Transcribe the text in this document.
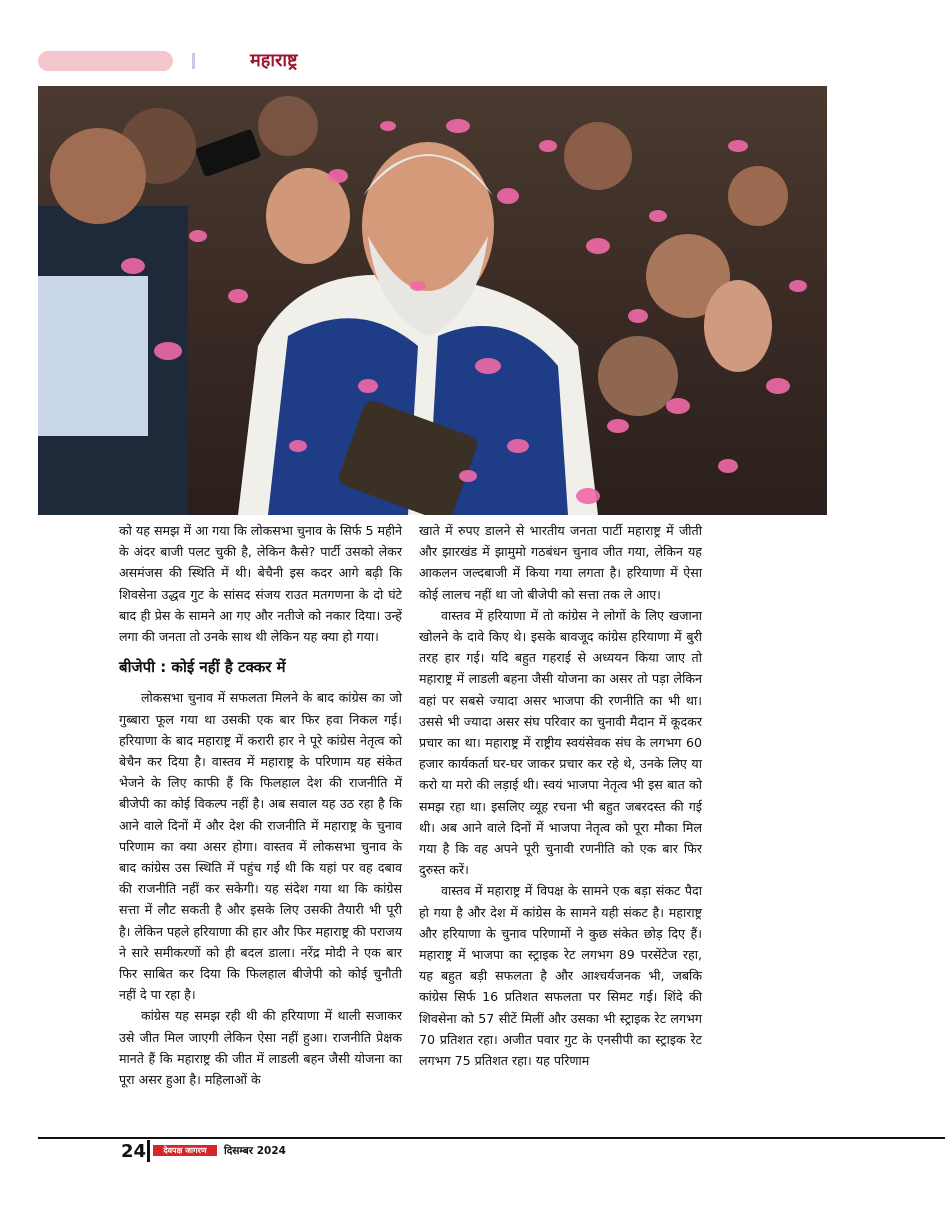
महाराष्ट्र

को यह समझ में आ गया कि लोकसभा चुनाव के सिर्फ 5 महीने के अंदर बाजी पलट चुकी है, लेकिन कैसे? पार्टी उसको लेकर असमंजस की स्थिति में थी। बेचैनी इस कदर आगे बढ़ी कि शिवसेना उद्धव गुट के सांसद संजय राउत मतगणना के दो घंटे बाद ही प्रेस के सामने आ गए और नतीजे को नकार दिया। उन्हें लगा की जनता तो उनके साथ थी लेकिन यह क्या हो गया।

बीजेपी : कोई नहीं है टक्कर में

लोकसभा चुनाव में सफलता मिलने के बाद कांग्रेस का जो गुब्बारा फूल गया था उसकी एक बार फिर हवा निकल गई। हरियाणा के बाद महाराष्ट्र में करारी हार ने पूरे कांग्रेस नेतृत्व को बेचैन कर दिया है। वास्तव में महाराष्ट्र के परिणाम यह संकेत भेजने के लिए काफी हैं कि फिलहाल देश की राजनीति में बीजेपी का कोई विकल्प नहीं है। अब सवाल यह उठ रहा है कि आने वाले दिनों में और देश की राजनीति में महाराष्ट्र के चुनाव परिणाम का क्या असर होगा। वास्तव में लोकसभा चुनाव के बाद कांग्रेस उस स्थिति में पहुंच गई थी कि यहां पर वह दबाव की राजनीति नहीं कर सकेगी। यह संदेश गया था कि कांग्रेस सत्ता में लौट सकती है और इसके लिए उसकी तैयारी भी पूरी है। लेकिन पहले हरियाणा की हार और फिर महाराष्ट्र की पराजय ने सारे समीकरणों को ही बदल डाला। नरेंद्र मोदी ने एक बार फिर साबित कर दिया कि फिलहाल बीजेपी को कोई चुनौती नहीं दे पा रहा है।

कांग्रेस यह समझ रही थी की हरियाणा में थाली सजाकर उसे जीत मिल जाएगी लेकिन ऐसा नहीं हुआ। राजनीति प्रेक्षक मानते हैं कि महाराष्ट्र की जीत में लाडली बहन जैसी योजना का पूरा असर हुआ है। महिलाओं के

खाते में रुपए डालने से भारतीय जनता पार्टी महाराष्ट्र में जीती और झारखंड में झामुमो गठबंधन चुनाव जीत गया, लेकिन यह आकलन जल्दबाजी में किया गया लगता है। हरियाणा में ऐसा कोई लालच नहीं था जो बीजेपी को सत्ता तक ले आए।

वास्तव में हरियाणा में तो कांग्रेस ने लोगों के लिए खजाना खोलने के दावे किए थे। इसके बावजूद कांग्रेस हरियाणा में बुरी तरह हार गई। यदि बहुत गहराई से अध्ययन किया जाए तो महाराष्ट्र में लाडली बहना जैसी योजना का असर तो पड़ा लेकिन वहां पर सबसे ज्यादा असर भाजपा की रणनीति का भी था। उससे भी ज्यादा असर संघ परिवार का चुनावी मैदान में कूदकर प्रचार का था। महाराष्ट्र में राष्ट्रीय स्वयंसेवक संघ के लगभग 60 हजार कार्यकर्ता घर-घर जाकर प्रचार कर रहे थे, उनके लिए या करो या मरो की लड़ाई थी। स्वयं भाजपा नेतृत्व भी इस बात को समझ रहा था। इसलिए व्यूह रचना भी बहुत जबरदस्त की गई थी। अब आने वाले दिनों में भाजपा नेतृत्व को पूरा मौका मिल गया है कि वह अपने पूरी चुनावी रणनीति को एक बार फिर दुरुस्त करें।

वास्तव में महाराष्ट्र में विपक्ष के सामने एक बड़ा संकट पैदा हो गया है और देश में कांग्रेस के सामने यही संकट है। महाराष्ट्र और हरियाणा के चुनाव परिणामों ने कुछ संकेत छोड़ दिए हैं। महाराष्ट्र में भाजपा का स्ट्राइक रेट लगभग 89 परसेंटेज रहा, यह बहुत बड़ी सफलता है और आश्चर्यजनक भी, जबकि कांग्रेस सिर्फ 16 प्रतिशत सफलता पर सिमट गई। शिंदे की शिवसेना को 57 सीटें मिलीं और उसका भी स्ट्राइक रेट लगभग 70 प्रतिशत रहा। अजीत पवार गुट के एनसीपी का स्ट्राइक रेट लगभग 75 प्रतिशत रहा। यह परिणाम

24	देवपक्ष जागरण	दिसम्बर 2024
